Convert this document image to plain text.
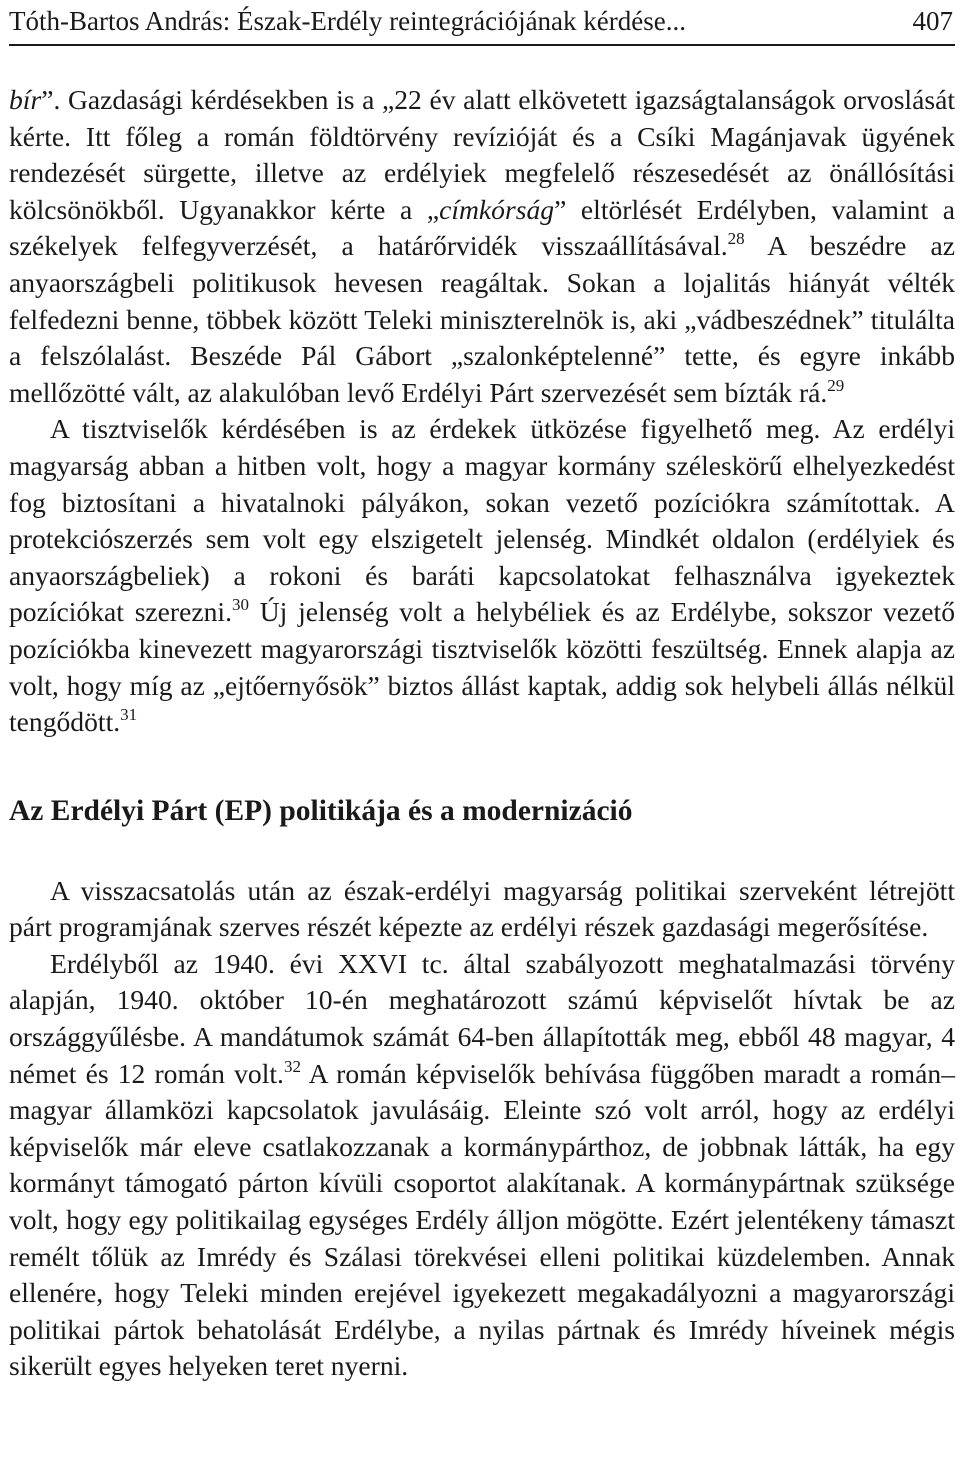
Tóth-Bartos András: Észak-Erdély reintegrációjának kérdése...	407

bír”. Gazdasági kérdésekben is a „22 év alatt elkövetett igazságtalanságok orvoslását kérte. Itt főleg a román földtörvény revízióját és a Csíki Magánjavak ügyének rendezését sürgette, illetve az erdélyiek megfelelő részesedését az önállósítási kölcsönökből. Ugyanakkor kérte a „címkórság” eltörlését Erdélyben, valamint a székelyek felfegyverzését, a határőrvidék visszaállításával.$^{28}$ A beszédre az anyaországbeli politikusok hevesen reagáltak. Sokan a lojalitás hiányát vélték felfedezni benne, többek között Teleki miniszterelnök is, aki „vádbeszédnek” titulálta a felszólalást. Beszéde Pál Gábort „szalonképtelenné” tette, és egyre inkább mellőzötté vált, az alakulóban levő Erdélyi Párt szervezését sem bízták rá.$^{29}$

A tisztviselők kérdésében is az érdekek ütközése figyelhető meg. Az erdélyi magyarság abban a hitben volt, hogy a magyar kormány széleskörű elhelyezkedést fog biztosítani a hivatalnoki pályákon, sokan vezető pozíciókra számítottak. A protekciószerzés sem volt egy elszigetelt jelenség. Mindkét oldalon (erdélyiek és anyaországbeliek) a rokoni és baráti kapcsolatokat felhasználva igyekeztek pozíciókat szerezni.$^{30}$ Új jelenség volt a helybéliek és az Erdélybe, sokszor vezető pozíciókba kinevezett magyarországi tisztviselők közötti feszültség. Ennek alapja az volt, hogy míg az „ejtőernyősök” biztos állást kaptak, addig sok helybeli állás nélkül tengődött.$^{31}$

Az Erdélyi Párt (EP) politikája és a modernizáció

A visszacsatolás után az észak-erdélyi magyarság politikai szerveként létrejött párt programjának szerves részét képezte az erdélyi részek gazdasági megerősítése.

Erdélyből az 1940. évi XXVI tc. által szabályozott meghatalmazási törvény alapján, 1940. október 10-én meghatározott számú képviselőt hívtak be az országgyűlésbe. A mandátumok számát 64-ben állapították meg, ebből 48 magyar, 4 német és 12 román volt.$^{32}$ A román képviselők behívása függőben maradt a román–magyar államközi kapcsolatok javulásáig. Eleinte szó volt arról, hogy az erdélyi képviselők már eleve csatlakozzanak a kormánypárthoz, de jobbnak látták, ha egy kormányt támogató párton kívüli csoportot alakítanak. A kormánypártnak szüksége volt, hogy egy politikailag egységes Erdély álljon mögötte. Ezért jelentékeny támaszt remélt tőlük az Imrédy és Szálasi törekvései elleni politikai küzdelemben. Annak ellenére, hogy Teleki minden erejével igyekezett megakadályozni a magyarországi politikai pártok behatolását Erdélybe, a nyilas pártnak és Imrédy híveinek mégis sikerült egyes helyeken teret nyerni.
